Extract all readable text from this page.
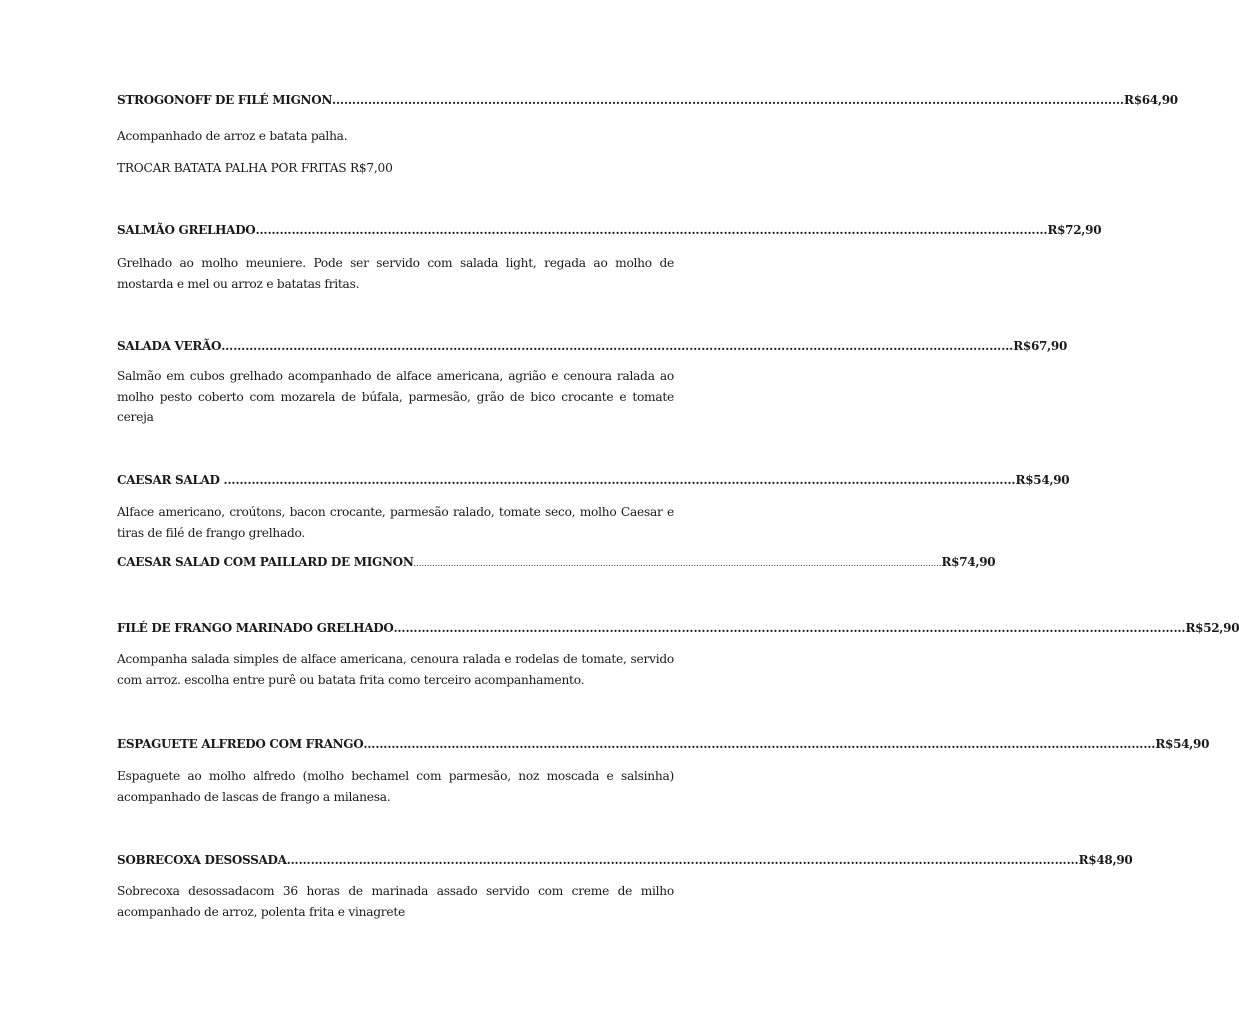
STROGONOFF DE FILÉ MIGNON ……………………………………………………………………………………………………………………………………………………………………………… R$64,90
Acompanhado de arroz e batata palha.
TROCAR BATATA PALHA POR FRITAS R$7,00
SALMÃO GRELHADO ……………………………………………………………………………………………………………………………………………………………………………… R$72,90
Grelhado ao molho meuniere. Pode ser servido com salada light, regada ao molho de mostarda e mel ou arroz e batatas fritas.
SALADA VERÃO ……………………………………………………………………………………………………………………………………………………………………………… R$67,90
Salmão em cubos grelhado acompanhado de alface americana, agrião e cenoura ralada ao molho pesto coberto com mozarela de búfala, parmesão, grão de bico crocante e tomate cereja
CAESAR SALAD ……………………………………………………………………………………………………………………………………………………………………………… R$54,90
Alface americano, croútons, bacon crocante, parmesão ralado, tomate seco, molho Caesar e tiras de filé de frango grelhado.
CAESAR SALAD COM PAILLARD DE MIGNON ……………………………………………………………………………………………………………………………………………………………………………… R$74,90
FILÉ DE FRANGO MARINADO GRELHADO ……………………………………………………………………………………………………………………………………………………………………………… R$52,90
Acompanha salada simples de alface americana, cenoura ralada e rodelas de tomate, servido com arroz. escolha entre purê ou batata frita como terceiro acompanhamento.
ESPAGUETE ALFREDO COM FRANGO ……………………………………………………………………………………………………………………………………………………………………………… R$54,90
Espaguete ao molho alfredo (molho bechamel com parmesão, noz moscada e salsinha) acompanhado de lascas de frango a milanesa.
SOBRECOXA DESOSSADA ……………………………………………………………………………………………………………………………………………………………………………… R$48,90
Sobrecoxa desossadacom 36 horas de marinada assado servido com creme de milho acompanhado de arroz, polenta frita e vinagrete
